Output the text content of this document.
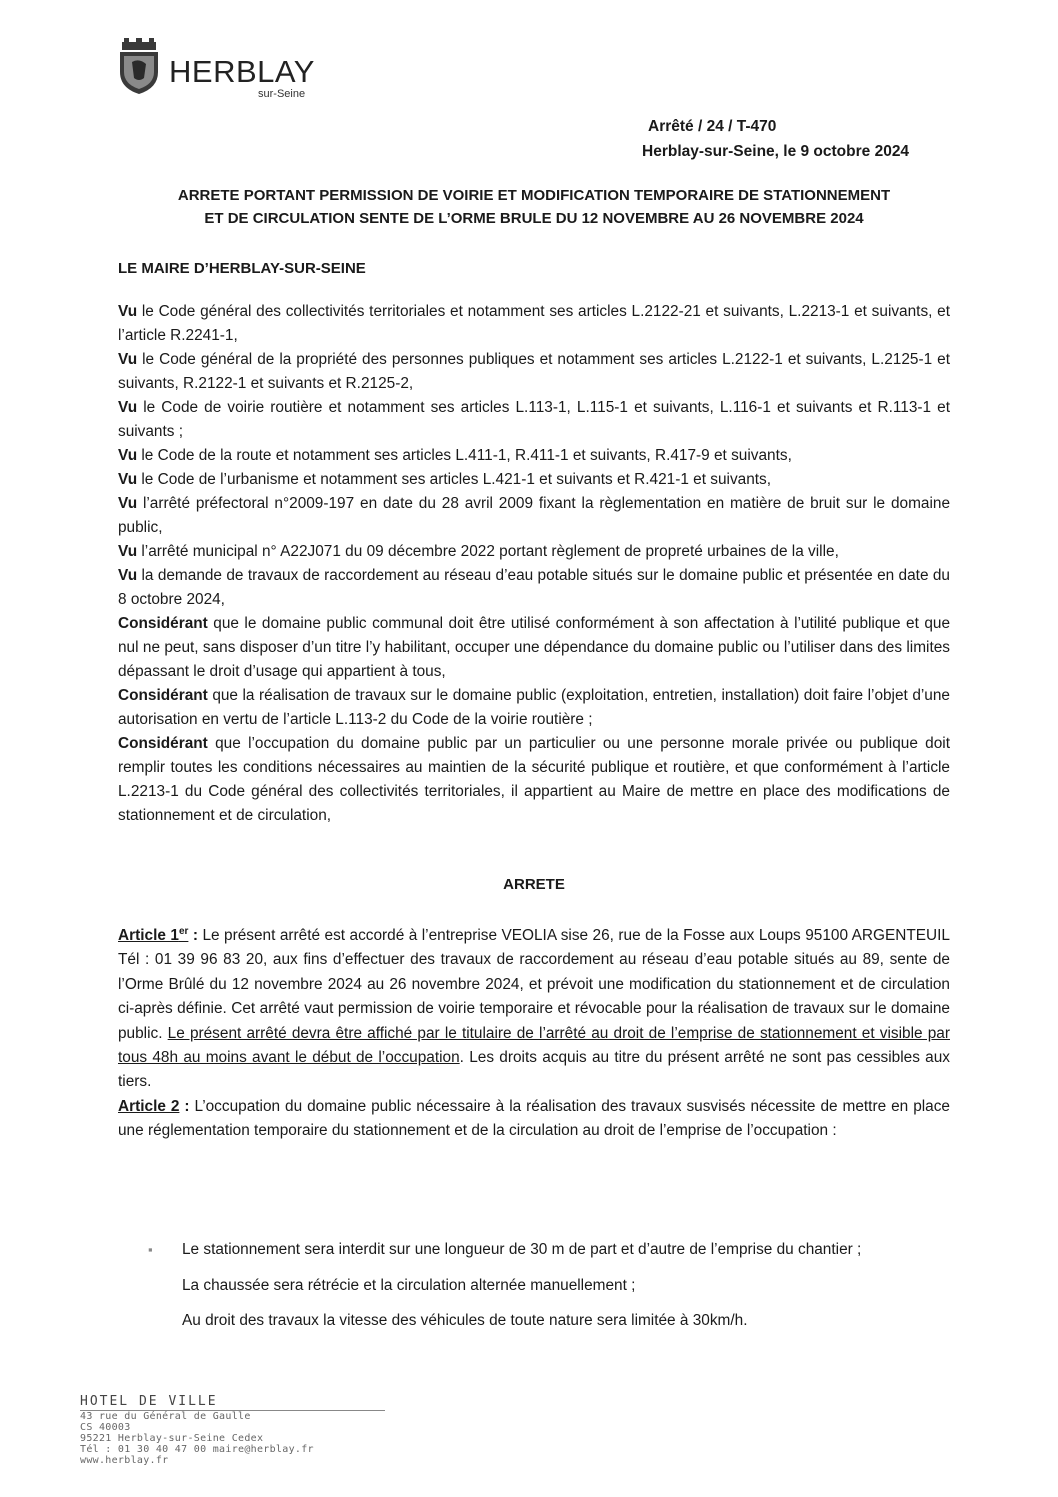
HERBLAY
sur-Seine
Arrêté / 24 / T-470
Herblay-sur-Seine, le 9 octobre 2024
ARRETE PORTANT PERMISSION DE VOIRIE ET MODIFICATION TEMPORAIRE DE STATIONNEMENT
ET DE CIRCULATION SENTE DE L’ORME BRULE DU 12 NOVEMBRE AU 26 NOVEMBRE 2024
LE MAIRE D’HERBLAY-SUR-SEINE

Vu le Code général des collectivités territoriales et notamment ses articles L.2122-21 et suivants, L.2213-1 et suivants, et l’article R.2241-1,

Vu le Code général de la propriété des personnes publiques et notamment ses articles L.2122-1 et suivants, L.2125-1 et suivants, R.2122-1 et suivants et R.2125-2,

Vu le Code de voirie routière et notamment ses articles L.113-1, L.115-1 et suivants, L.116-1 et suivants et R.113-1 et suivants ;

Vu le Code de la route et notamment ses articles L.411-1, R.411-1 et suivants, R.417-9 et suivants,

Vu le Code de l’urbanisme et notamment ses articles L.421-1 et suivants et R.421-1 et suivants,

Vu l’arrêté préfectoral n°2009-197 en date du 28 avril 2009 fixant la règlementation en matière de bruit sur le domaine public,

Vu l’arrêté municipal n° A22J071 du 09 décembre 2022 portant règlement de propreté urbaines de la ville,

Vu la demande de travaux de raccordement au réseau d’eau potable situés sur le domaine public et présentée en date du 8 octobre 2024,

Considérant que le domaine public communal doit être utilisé conformément à son affectation à l’utilité publique et que nul ne peut, sans disposer d’un titre l’y habilitant, occuper une dépendance du domaine public ou l’utiliser dans des limites dépassant le droit d’usage qui appartient à tous,

Considérant que la réalisation de travaux sur le domaine public (exploitation, entretien, installation) doit faire l’objet d’une autorisation en vertu de l’article L.113-2 du Code de la voirie routière ;

Considérant que l’occupation du domaine public par un particulier ou une personne morale privée ou publique doit remplir toutes les conditions nécessaires au maintien de la sécurité publique et routière, et que conformément à l’article L.2213-1 du Code général des collectivités territoriales, il appartient au Maire de mettre en place des modifications de stationnement et de circulation,

ARRETE

Article 1er : Le présent arrêté est accordé à l’entreprise VEOLIA sise 26, rue de la Fosse aux Loups 95100 ARGENTEUIL Tél : 01 39 96 83 20, aux fins d’effectuer des travaux de raccordement au réseau d’eau potable situés au 89, sente de l’Orme Brûlé du 12 novembre 2024 au 26 novembre 2024, et prévoit une modification du stationnement et de circulation ci-après définie. Cet arrêté vaut permission de voirie temporaire et révocable pour la réalisation de travaux sur le domaine public. Le présent arrêté devra être affiché par le titulaire de l’arrêté au droit de l’emprise de stationnement et visible par tous 48h au moins avant le début de l’occupation. Les droits acquis au titre du présent arrêté ne sont pas cessibles aux tiers.

Article 2 : L’occupation du domaine public nécessaire à la réalisation des travaux susvisés nécessite de mettre en place une réglementation temporaire du stationnement et de la circulation au droit de l’emprise de l’occupation :

▪ Le stationnement sera interdit sur une longueur de 30 m de part et d’autre de l’emprise du chantier ;
La chaussée sera rétrécie et la circulation alternée manuellement ;
Au droit des travaux la vitesse des véhicules de toute nature sera limitée à 30km/h.
HOTEL DE VILLE
43 rue du Général de Gaulle
CS 40003
95221 Herblay-sur-Seine Cedex
Tél : 01 30 40 47 00 maire@herblay.fr
www.herblay.fr
